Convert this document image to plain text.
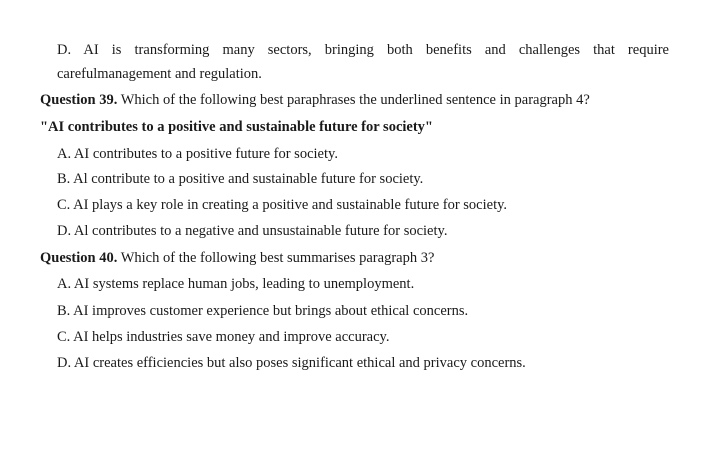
D. AI is transforming many sectors, bringing both benefits and challenges that require
carefulmanagement and regulation.
Question 39. Which of the following best paraphrases the underlined sentence in paragraph 4?
"AI contributes to a positive and sustainable future for society"
A. AI contributes to a positive future for society.
B. Al contribute to a positive and sustainable future for society.
C. AI plays a key role in creating a positive and sustainable future for society.
D. Al contributes to a negative and unsustainable future for society.
Question 40. Which of the following best summarises paragraph 3?
A. AI systems replace human jobs, leading to unemployment.
B. AI improves customer experience but brings about ethical concerns.
C. AI helps industries save money and improve accuracy.
D. AI creates efficiencies but also poses significant ethical and privacy concerns.
